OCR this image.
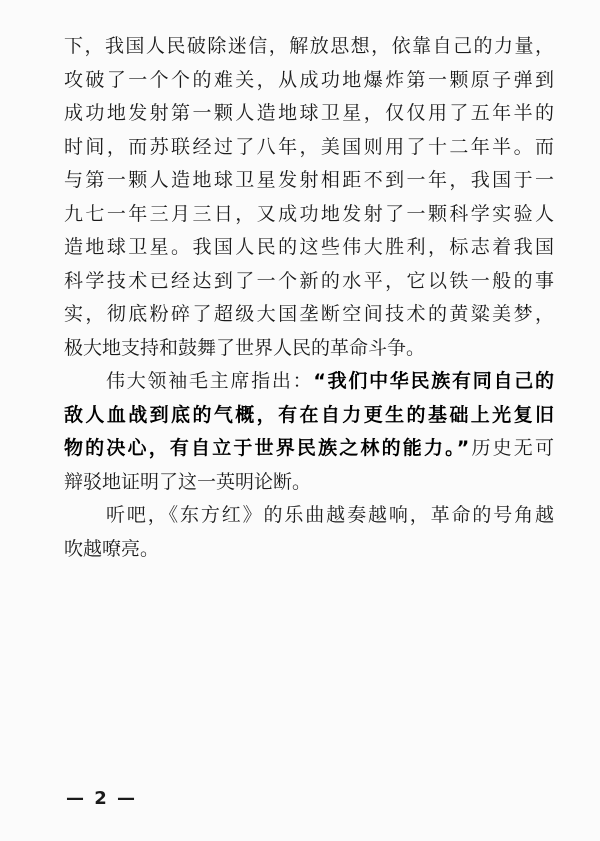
下，我国人民破除迷信，解放思想，依靠自己的力量，
攻破了一个个的难关，从成功地爆炸第一颗原子弹到
成功地发射第一颗人造地球卫星，仅仅用了五年半的
时间，而苏联经过了八年，美国则用了十二年半。而
与第一颗人造地球卫星发射相距不到一年，我国于一
九七一年三月三日，又成功地发射了一颗科学实验人
造地球卫星。我国人民的这些伟大胜利，标志着我国
科学技术已经达到了一个新的水平，它以铁一般的事
实，彻底粉碎了超级大国垄断空间技术的黄粱美梦，
极大地支持和鼓舞了世界人民的革命斗争。
伟大领袖毛主席指出：“我们中华民族有同自己的
敌人血战到底的气概，有在自力更生的基础上光复旧
物的决心，有自立于世界民族之林的能力。”历史无可
辩驳地证明了这一英明论断。
听吧，《东方红》的乐曲越奏越响，革命的号角越
吹越嘹亮。
— 2 —
